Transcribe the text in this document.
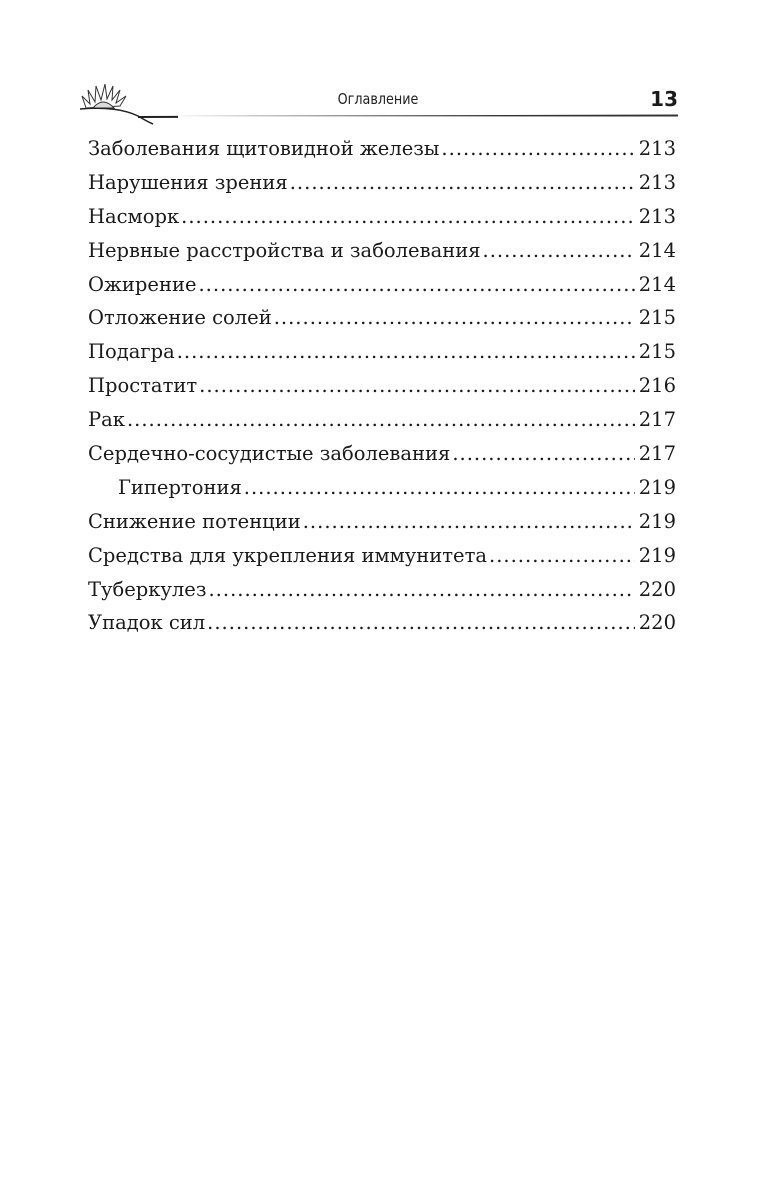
Оглавление	13
Заболевания щитовидной железы .....	213
Нарушения зрения .....	213
Насморк .....	213
Нервные расстройства и заболевания .....	214
Ожирение .....	214
Отложение солей .....	215
Подагра .....	215
Простатит .....	216
Рак .....	217
Сердечно-сосудистые заболевания .....	217
Гипертония .....	219
Снижение потенции .....	219
Средства для укрепления иммунитета .....	219
Туберкулез .....	220
Упадок сил .....	220
